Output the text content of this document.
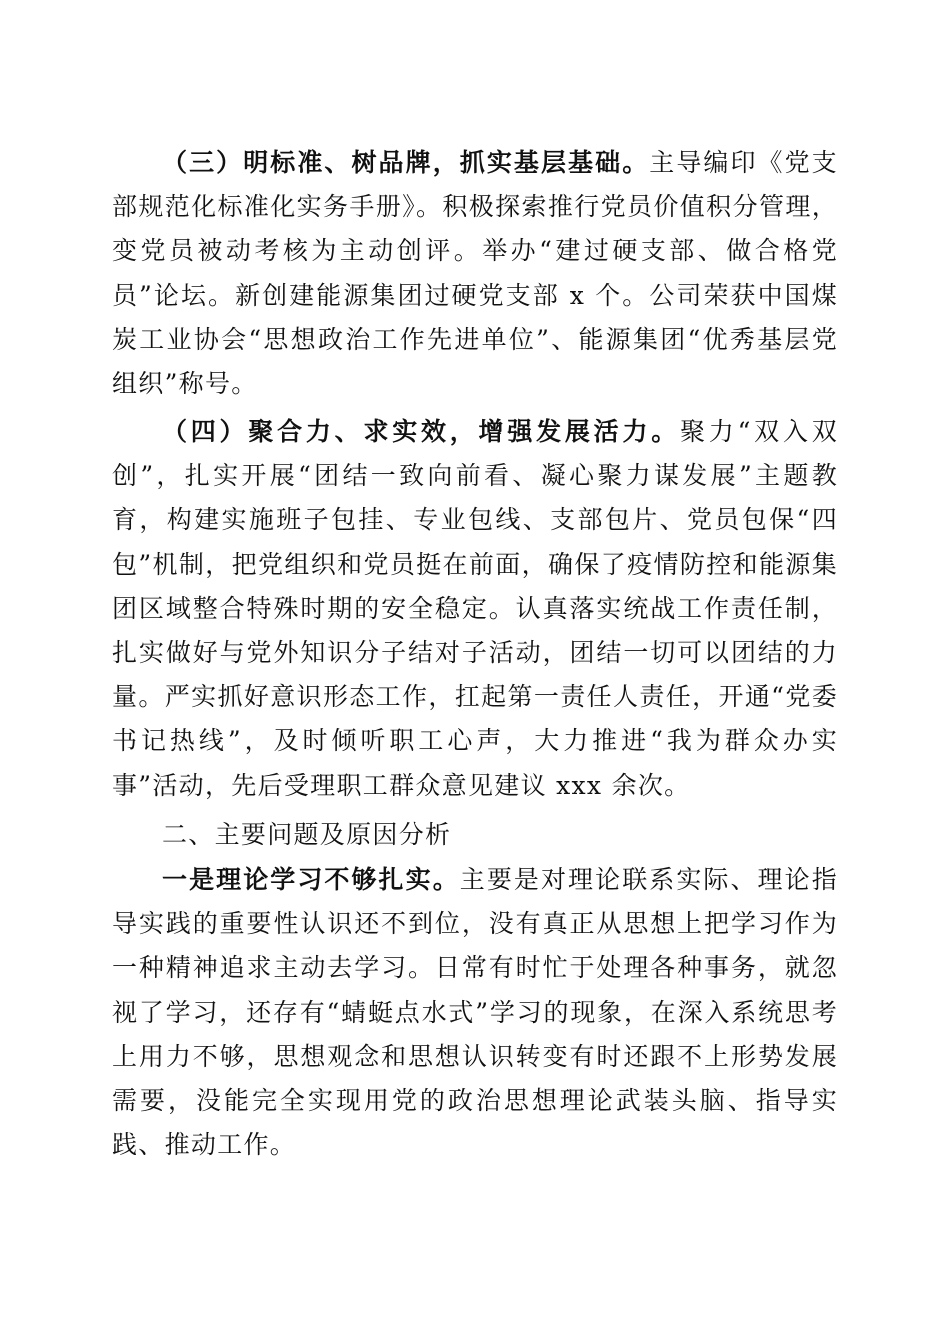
（三）明标准、树品牌，抓实基层基础。主导编印《党支部规范化标准化实务手册》。积极探索推行党员价值积分管理，变党员被动考核为主动创评。举办“建过硬支部、做合格党员”论坛。新创建能源集团过硬党支部 x 个。公司荣获中国煤炭工业协会“思想政治工作先进单位”、能源集团“优秀基层党组织”称号。

（四）聚合力、求实效，增强发展活力。聚力“双入双创”，扎实开展“团结一致向前看、凝心聚力谋发展”主题教育，构建实施班子包挂、专业包线、支部包片、党员包保“四包”机制，把党组织和党员挺在前面，确保了疫情防控和能源集团区域整合特殊时期的安全稳定。认真落实统战工作责任制，扎实做好与党外知识分子结对子活动，团结一切可以团结的力量。严实抓好意识形态工作，扛起第一责任人责任，开通“党委书记热线”，及时倾听职工心声，大力推进“我为群众办实事”活动，先后受理职工群众意见建议 xxx 余次。

二、主要问题及原因分析

一是理论学习不够扎实。主要是对理论联系实际、理论指导实践的重要性认识还不到位，没有真正从思想上把学习作为一种精神追求主动去学习。日常有时忙于处理各种事务，就忽视了学习，还存有“蜻蜓点水式”学习的现象，在深入系统思考上用力不够，思想观念和思想认识转变有时还跟不上形势发展需要，没能完全实现用党的政治思想理论武装头脑、指导实践、推动工作。
